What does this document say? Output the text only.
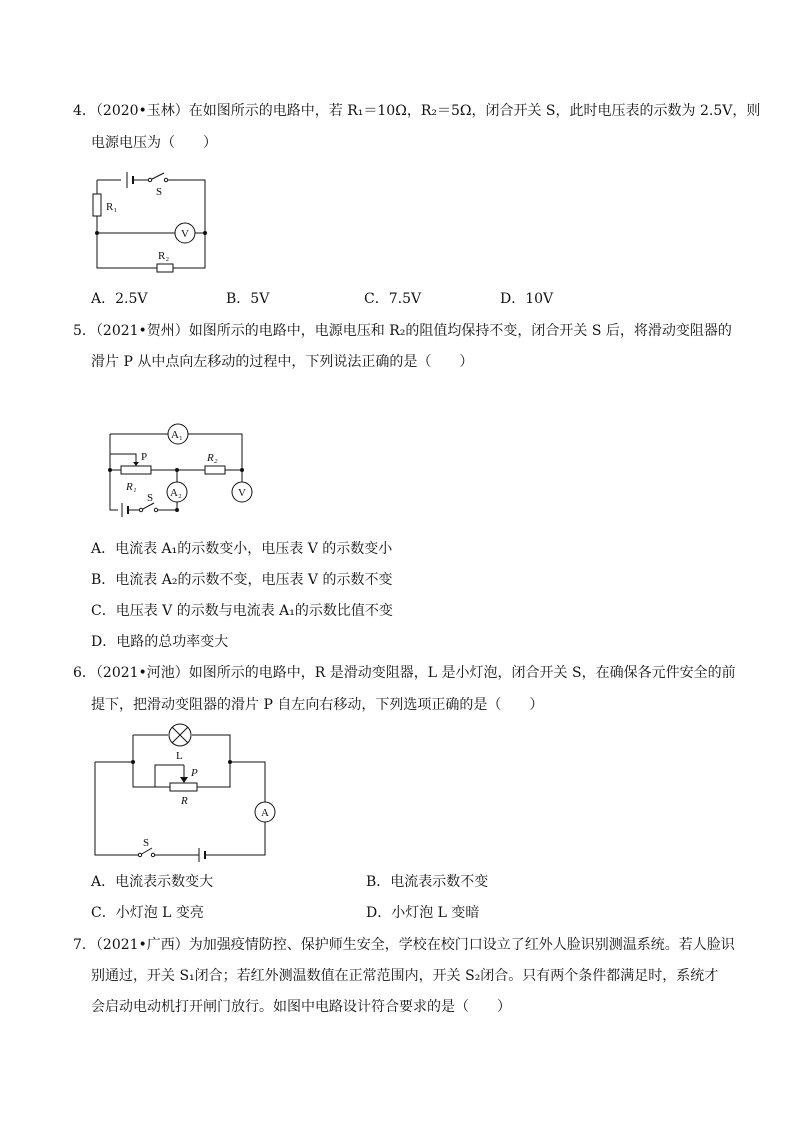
4．（2020•玉林）在如图所示的电路中，若 R₁＝10Ω，R₂＝5Ω，闭合开关 S，此时电压表的示数为 2.5V，则
电源电压为（　　）
S
R₁
V
R₂
A．2.5V	B．5V	C．7.5V	D．10V
5．（2021•贺州）如图所示的电路中，电源电压和 R₂的阻值均保持不变，闭合开关 S 后，将滑动变阻器的
滑片 P 从中点向左移动的过程中，下列说法正确的是（　　）
A₁
P
R₁
R₂
A₂	V
S
A．电流表 A₁的示数变小，电压表 V 的示数变小
B．电流表 A₂的示数不变，电压表 V 的示数不变
C．电压表 V 的示数与电流表 A₁的示数比值不变
D．电路的总功率变大
6．（2021•河池）如图所示的电路中，R 是滑动变阻器，L 是小灯泡，闭合开关 S，在确保各元件安全的前
提下，把滑动变阻器的滑片 P 自左向右移动，下列选项正确的是（　　）
L
P
R
A
S
A．电流表示数变大	B．电流表示数不变
C．小灯泡 L 变亮	D．小灯泡 L 变暗
7．（2021•广西）为加强疫情防控、保护师生安全，学校在校门口设立了红外人脸识别测温系统。若人脸识
别通过，开关 S₁闭合；若红外测温数值在正常范围内，开关 S₂闭合。只有两个条件都满足时，系统才
会启动电动机打开闸门放行。如图中电路设计符合要求的是（　　）
